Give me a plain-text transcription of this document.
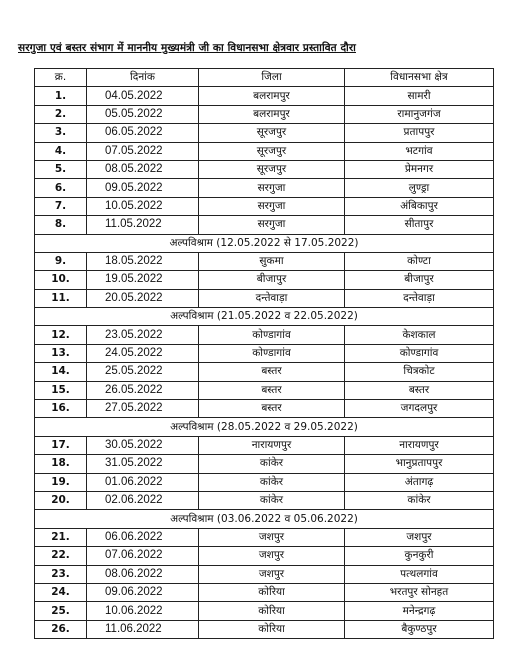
सरगुजा एवं बस्तर संभाग में माननीय मुख्यमंत्री जी का विधानसभा क्षेत्रवार प्रस्तावित दौरा
क्र.	दिनांक	जिला	विधानसभा क्षेत्र
1.	04.05.2022	बलरामपुर	सामरी
2.	05.05.2022	बलरामपुर	रामानुजगंज
3.	06.05.2022	सूरजपुर	प्रतापपुर
4.	07.05.2022	सूरजपुर	भटगांव
5.	08.05.2022	सूरजपुर	प्रेमनगर
6.	09.05.2022	सरगुजा	लुण्ड्रा
7.	10.05.2022	सरगुजा	अंबिकापुर
8.	11.05.2022	सरगुजा	सीतापुर
अल्पविश्राम (12.05.2022 से 17.05.2022)			
9.	18.05.2022	सुकमा	कोण्टा
10.	19.05.2022	बीजापुर	बीजापुर
11.	20.05.2022	दन्तेवाड़ा	दन्तेवाड़ा
अल्पविश्राम (21.05.2022 व 22.05.2022)			
12.	23.05.2022	कोण्डागांव	केशकाल
13.	24.05.2022	कोण्डागांव	कोण्डागांव
14.	25.05.2022	बस्तर	चित्रकोट
15.	26.05.2022	बस्तर	बस्तर
16.	27.05.2022	बस्तर	जगदलपुर
अल्पविश्राम (28.05.2022 व 29.05.2022)			
17.	30.05.2022	नारायणपुर	नारायणपुर
18.	31.05.2022	कांकेर	भानुप्रतापपुर
19.	01.06.2022	कांकेर	अंतागढ़
20.	02.06.2022	कांकेर	कांकेर
अल्पविश्राम (03.06.2022 व 05.06.2022)			
21.	06.06.2022	जशपुर	जशपुर
22.	07.06.2022	जशपुर	कुनकुरी
23.	08.06.2022	जशपुर	पत्थलगांव
24.	09.06.2022	कोरिया	भरतपुर सोनहत
25.	10.06.2022	कोरिया	मनेन्द्रगढ़
26.	11.06.2022	कोरिया	बैकुण्ठपुर
